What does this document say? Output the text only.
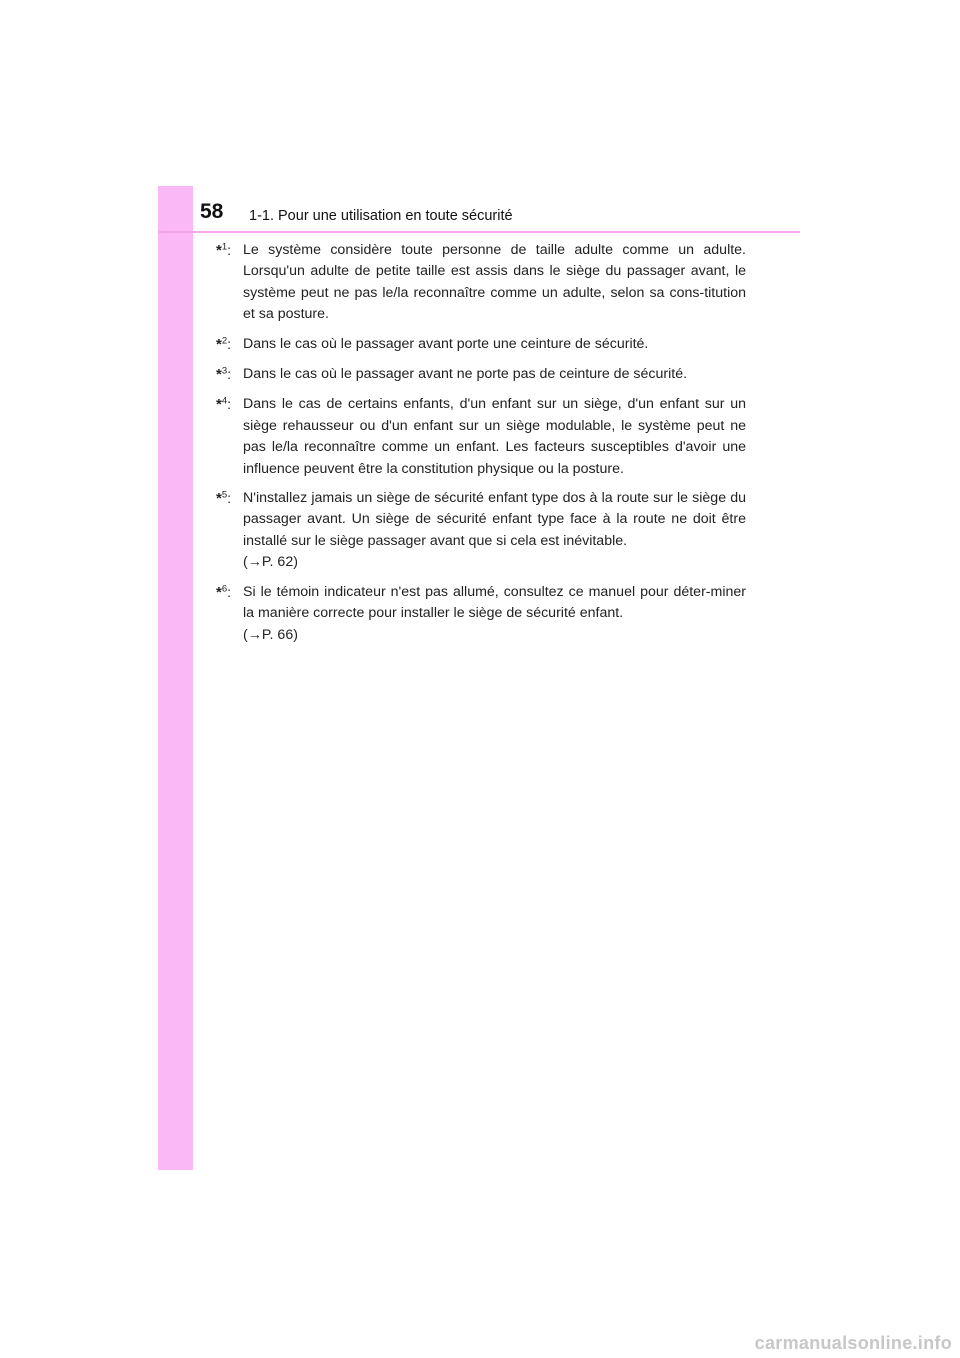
58 1-1. Pour une utilisation en toute sécurité
*$^1$: Le système considère toute personne de taille adulte comme un adulte. Lorsqu'un adulte de petite taille est assis dans le siège du passager avant, le système peut ne pas le/la reconnaître comme un adulte, selon sa cons-titution et sa posture.
*$^2$: Dans le cas où le passager avant porte une ceinture de sécurité.
*$^3$: Dans le cas où le passager avant ne porte pas de ceinture de sécurité.
*$^4$: Dans le cas de certains enfants, d'un enfant sur un siège, d'un enfant sur un siège rehausseur ou d'un enfant sur un siège modulable, le système peut ne pas le/la reconnaître comme un enfant. Les facteurs susceptibles d'avoir une influence peuvent être la constitution physique ou la posture.
*$^5$: N'installez jamais un siège de sécurité enfant type dos à la route sur le siège du passager avant. Un siège de sécurité enfant type face à la route ne doit être installé sur le siège passager avant que si cela est inévitable.
(→P. 62)
*$^6$: Si le témoin indicateur n'est pas allumé, consultez ce manuel pour déter-miner la manière correcte pour installer le siège de sécurité enfant.
(→P. 66)
carmanualsonline.info
